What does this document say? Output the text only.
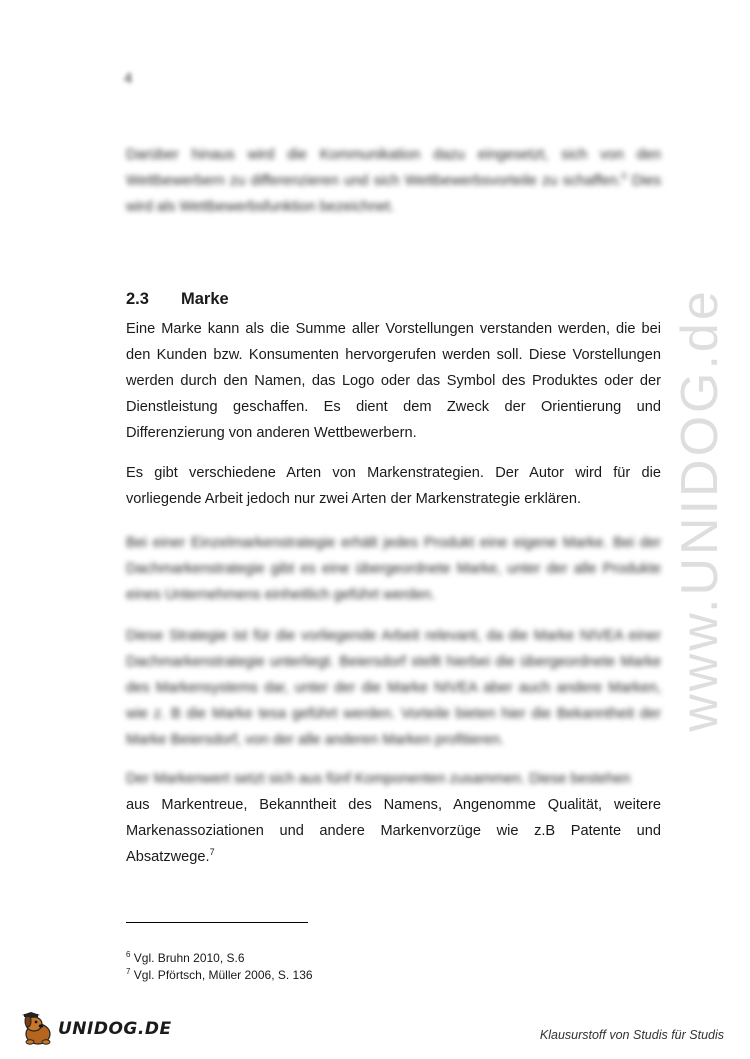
4

Darüber hinaus wird die Kommunikation dazu eingesetzt, sich von den Wettbewerbern zu differenzieren und sich Wettbewerbsvorteile zu schaffen.$^6$ Dies wird als Wettbewerbsfunktion bezeichnet.

2.3 Marke

Eine Marke kann als die Summe aller Vorstellungen verstanden werden, die bei den Kunden bzw. Konsumenten hervorgerufen werden soll. Diese Vorstellungen werden durch den Namen, das Logo oder das Symbol des Produktes oder der Dienstleistung geschaffen. Es dient dem Zweck der Orientierung und Differenzierung von anderen Wettbewerbern.

Es gibt verschiedene Arten von Markenstrategien. Der Autor wird für die vorliegende Arbeit jedoch nur zwei Arten der Markenstrategie erklären.

Bei einer Einzelmarkenstrategie erhält jedes Produkt eine eigene Marke. Bei der Dachmarkenstrategie gibt es eine übergeordnete Marke, unter der alle Produkte eines Unternehmens einheitlich geführt werden.

Diese Strategie ist für die vorliegende Arbeit relevant, da die Marke NIVEA einer Dachmarkenstrategie unterliegt. Beiersdorf stellt hierbei die übergeordnete Marke des Markensystems dar, unter der die Marke NIVEA aber auch andere Marken, wie z. B die Marke tesa geführt werden. Vorteile bieten hier die Bekanntheit der Marke Beiersdorf, von der alle anderen Marken profitieren.

Der Markenwert setzt sich aus fünf Komponenten zusammen. Diese bestehen aus Markentreue, Bekanntheit des Namens, Angenomme Qualität, weitere Markenassoziationen und andere Markenvorzüge wie z.B Patente und Absatzwege.$^7$

$^6$ Vgl. Bruhn 2010, S.6
$^7$ Vgl. Pförtsch, Müller 2006, S. 136
www.UNIDOG.de
UNIDOG.DE	Klausurstoff von Studis für Studis
